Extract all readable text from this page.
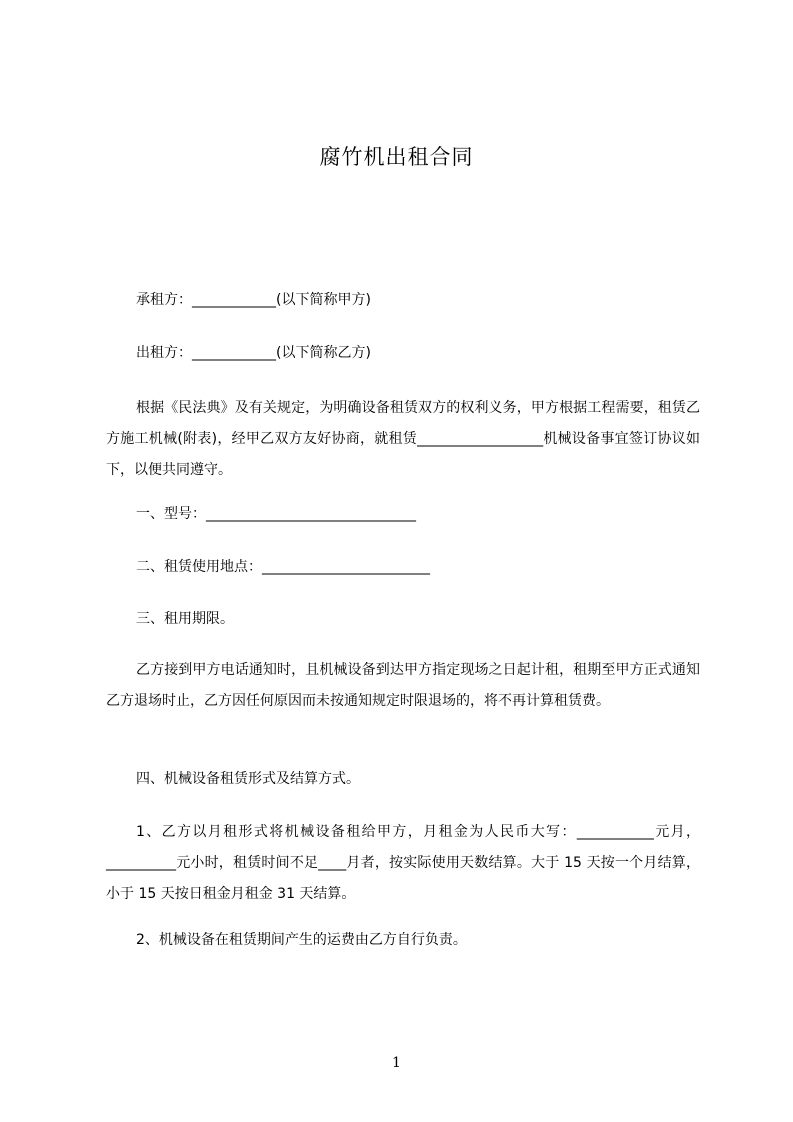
腐竹机出租合同
承租方：____________(以下简称甲方)
出租方：____________(以下简称乙方)
根据《民法典》及有关规定，为明确设备租赁双方的权利义务，甲方根据工程需要，租赁乙方施工机械(附表)，经甲乙双方友好协商，就租赁__________________机械设备事宜签订协议如下，以便共同遵守。
一、型号：______________________________
二、租赁使用地点：________________________
三、租用期限。
乙方接到甲方电话通知时，且机械设备到达甲方指定现场之日起计租，租期至甲方正式通知乙方退场时止，乙方因任何原因而未按通知规定时限退场的，将不再计算租赁费。
四、机械设备租赁形式及结算方式。
1、乙方以月租形式将机械设备租给甲方，月租金为人民币大写：___________元月，__________元小时，租赁时间不足____月者，按实际使用天数结算。大于 15 天按一个月结算，小于 15 天按日租金月租金 31 天结算。
2、机械设备在租赁期间产生的运费由乙方自行负责。
1
